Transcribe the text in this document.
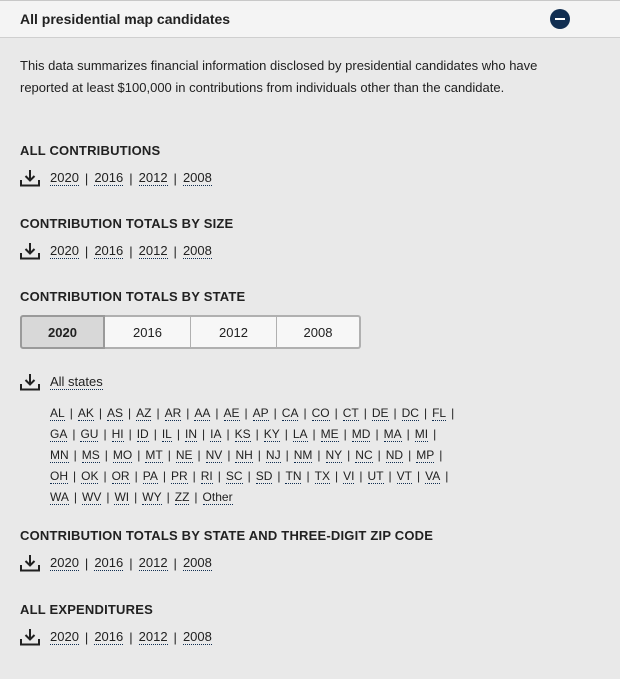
All presidential map candidates

This data summarizes financial information disclosed by presidential candidates who have reported at least $100,000 in contributions from individuals other than the candidate.

ALL CONTRIBUTIONS
2020 | 2016 | 2012 | 2008
CONTRIBUTION TOTALS BY SIZE
2020 | 2016 | 2012 | 2008
CONTRIBUTION TOTALS BY STATE
2020	2016	2012	2008
All states
AL | AK | AS | AZ | AR | AA | AE | AP | CA | CO | CT | DE | DC | FL |
GA | GU | HI | ID | IL | IN | IA | KS | KY | LA | ME | MD | MA | MI |
MN | MS | MO | MT | NE | NV | NH | NJ | NM | NY | NC | ND | MP |
OH | OK | OR | PA | PR | RI | SC | SD | TN | TX | VI | UT | VT | VA |
WA | WV | WI | WY | ZZ | Other
CONTRIBUTION TOTALS BY STATE AND THREE-DIGIT ZIP CODE
2020 | 2016 | 2012 | 2008
ALL EXPENDITURES
2020 | 2016 | 2012 | 2008
